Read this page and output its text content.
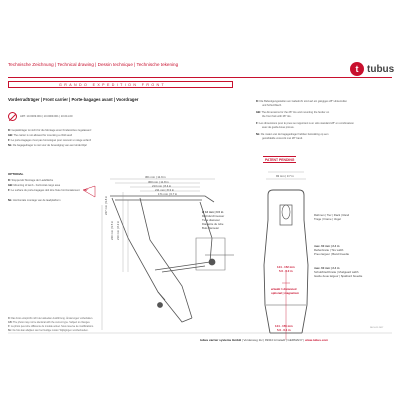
Technische Zeichnung | Technical drawing | Dessin technique | Technische tekening	t tubus
GRANDO EXPEDITION FRONT
Vorderradträger | Front carrier | Porte-bagages avant | Voordrager
ART. 10.0009.004 | 10.0009.001 | 10.011.00
D: Gepäckträger ist nicht für die Montage einer Kindersitzes zugelassen!
GB: The carrier is not allowed for mounting a child seat!
F: Le porte-bagages n'est pas homologué pour recevoir un siège enfant!
NL: De bagagedrager is niet voor de bevestiging van een kinderzitje!
OPTIONAL
D: Stoppersitz Montage der Ladefläche
GB: Mounting of lamb - horizontal cargo area
F: Le surface du porte-bagages doit être fixée horizontalement
NL: Horizontale montage van de laadplatform
D: Die Befestigungsstellen am Gabelrohr sind auf ein gängiges 28" Hinterreifen
und Schutzblech.
GB: The dimensions for the 28" tire and mounting the fender on
the front fork with 28" tire.
F: Les dimensions pour le pneu se rapportent à un vélo standard 28" en combinaison
avec de garde-boue prévus.
NL: De maten van de bagagedrager hebben betrekking op een
gemiddelde voorvork met 28" band.
PATENT PENDING
301 mm | 11.9 in
300 mm | 11.8 in
213 mm | 8.4 in
211 mm | 8.3 in
171 mm | 6.7 in
90°
Ø 12 mm | 0.5 in
Rohrdurchmesser
Tube diameter
Diamètre du tube
Buis diameter
247 mm | 9.8 in
240 mm | 9.5 in 210 mm | 8.3 in
93 mm | 3.7 in
Rahmen | Tier | Rack | Rand
Trage | Frame | Vogel
max. 60 mm | 2.4 in
Reifenbreite | Tire width
Pneu largeur | Band breedte
max. 60 mm | 2.4 in
Schutzblechbreite | Mudguard width
Garde-boue largeur | Spatbord breedte
144 - 152 mm
5.6 - 6.0 in
erlaubt 1 distanced
optional | magnetism
144 - 156 mm
5.6 - 6.1 in
D: Das Foto entspricht nicht der aktuellen Ausführung. Änderungen vorbehalten.
GB: The photo may not be identical with the current type. Subject to changes.
F: La photo peut être différente du modèle actuel. Sous réserve de modifications.
NL: De foto kan afwijken van het huidige model. Wijzigingen voorbehouden.
DE 10.11.2017
tubus carrier systems GmbH | Vorderweg 1H | 99310 Arnstadt | GERMANY | www.tubus.com
